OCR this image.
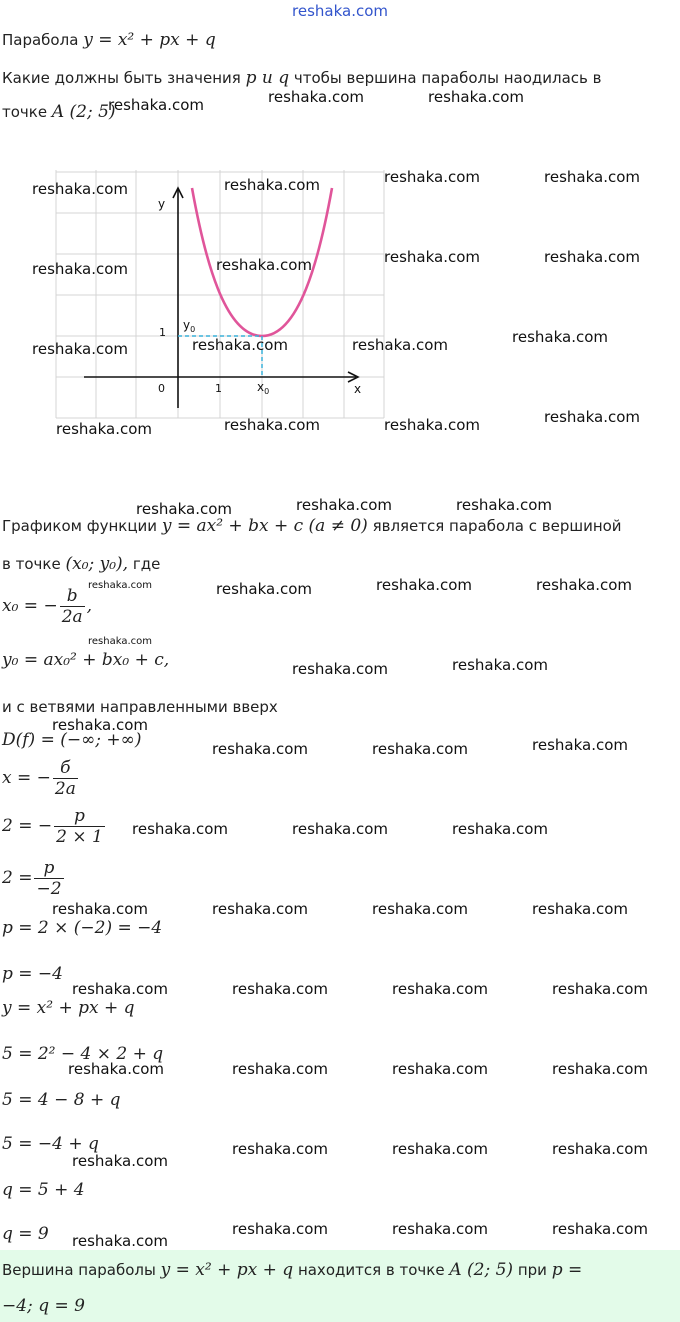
reshaka.com
Парабола y = x² + px + q
Какие должны быть значения p и q чтобы вершина параболы наодилась в
точке A (2; 5)
y
x
0	1
1
$y_0$
$x_0$
Графиком функции y = ax² + bx + c (a ≠ 0) является парабола с вершиной
в точке (x₀; y₀), где
x₀ = − $\frac{b}{2a}$ ,
y₀ = ax₀² + bx₀ + c,
и с ветвями направленными вверх
D(f) = (−∞; +∞)
x = − $\frac{б}{2a}$
2 = − $\frac{p}{2 \times 1}$
$2 = \frac{p}{-2}$
p = 2 × (−2) = −4
p = −4
y = x² + px + q
5 = 2² − 4 × 2 + q
5 = 4 − 8 + q
5 = −4 + q
q = 5 + 4
q = 9
Вершина параболы y = x² + px + q находится в точке A (2; 5) при p =
−4; q = 9
reshaka.com	reshaka.com	reshaka.com
reshaka.com	reshaka.com	reshaka.com	reshaka.com
reshaka.com	reshaka.com	reshaka.com	reshaka.com
reshaka.com	reshaka.com	reshaka.com	reshaka.com
reshaka.com	reshaka.com	reshaka.com	reshaka.com
reshaka.com	reshaka.com	reshaka.com
reshaka.com	reshaka.com	reshaka.com	reshaka.com
reshaka.com
reshaka.com	reshaka.com
reshaka.com
reshaka.com	reshaka.com	reshaka.com
reshaka.com	reshaka.com	reshaka.com
reshaka.com	reshaka.com	reshaka.com	reshaka.com
reshaka.com	reshaka.com	reshaka.com	reshaka.com
reshaka.com	reshaka.com	reshaka.com	reshaka.com
reshaka.com	reshaka.com	reshaka.com
reshaka.com
reshaka.com	reshaka.com	reshaka.com
reshaka.com
